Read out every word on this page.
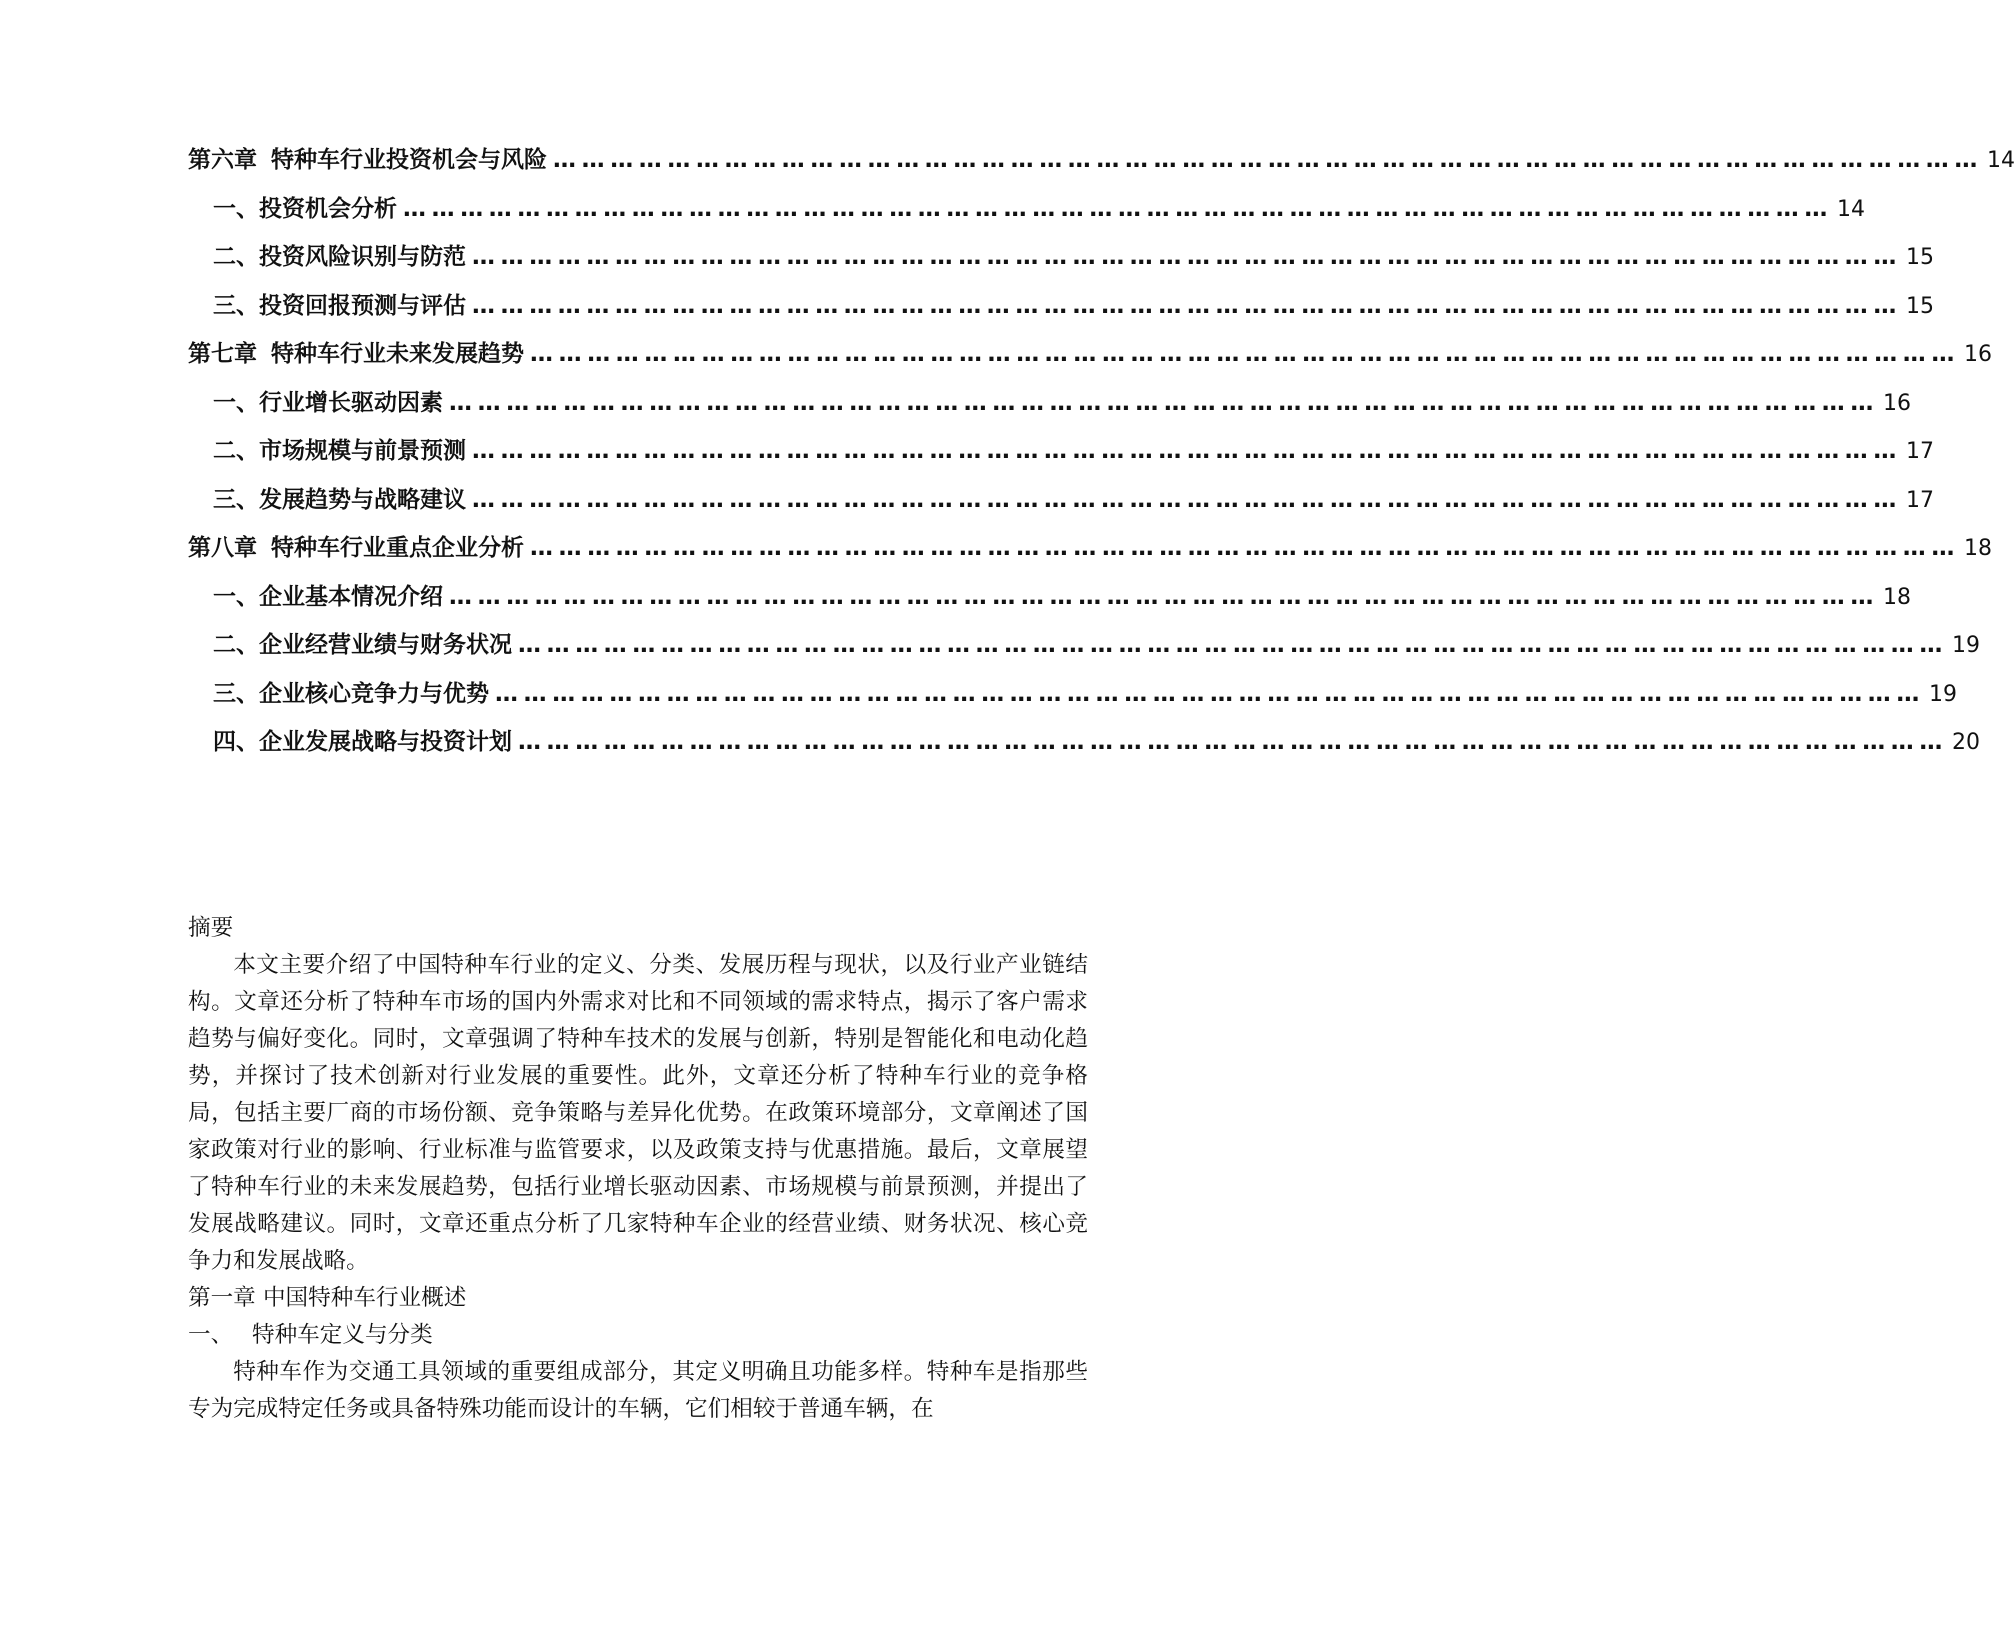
第六章 特种车行业投资机会与风险 …………………………………………………………………………………………………………………………………… 14
一、 投资机会分析 …………………………………………………………………………………………………………………………………… 14
二、 投资风险识别与防范 …………………………………………………………………………………………………………………………………… 15
三、 投资回报预测与评估 …………………………………………………………………………………………………………………………………… 15
第七章 特种车行业未来发展趋势 …………………………………………………………………………………………………………………………………… 16
一、 行业增长驱动因素 …………………………………………………………………………………………………………………………………… 16
二、 市场规模与前景预测 …………………………………………………………………………………………………………………………………… 17
三、 发展趋势与战略建议 …………………………………………………………………………………………………………………………………… 17
第八章 特种车行业重点企业分析 …………………………………………………………………………………………………………………………………… 18
一、 企业基本情况介绍 …………………………………………………………………………………………………………………………………… 18
二、 企业经营业绩与财务状况 …………………………………………………………………………………………………………………………………… 19
三、 企业核心竞争力与优势 …………………………………………………………………………………………………………………………………… 19
四、 企业发展战略与投资计划 …………………………………………………………………………………………………………………………………… 20

摘要

本文主要介绍了中国特种车行业的定义、分类、发展历程与现状，以及行业产业链结构。文章还分析了特种车市场的国内外需求对比和不同领域的需求特点，揭示了客户需求趋势与偏好变化。同时，文章强调了特种车技术的发展与创新，特别是智能化和电动化趋势，并探讨了技术创新对行业发展的重要性。此外，文章还分析了特种车行业的竞争格局，包括主要厂商的市场份额、竞争策略与差异化优势。在政策环境部分，文章阐述了国家政策对行业的影响、行业标准与监管要求，以及政策支持与优惠措施。最后，文章展望了特种车行业的未来发展趋势，包括行业增长驱动因素、市场规模与前景预测，并提出了发展战略建议。同时，文章还重点分析了几家特种车企业的经营业绩、财务状况、核心竞争力和发展战略。

第一章 中国特种车行业概述

一、 特种车定义与分类

特种车作为交通工具领域的重要组成部分，其定义明确且功能多样。特种车是指那些专为完成特定任务或具备特殊功能而设计的车辆，它们相较于普通车辆，在
